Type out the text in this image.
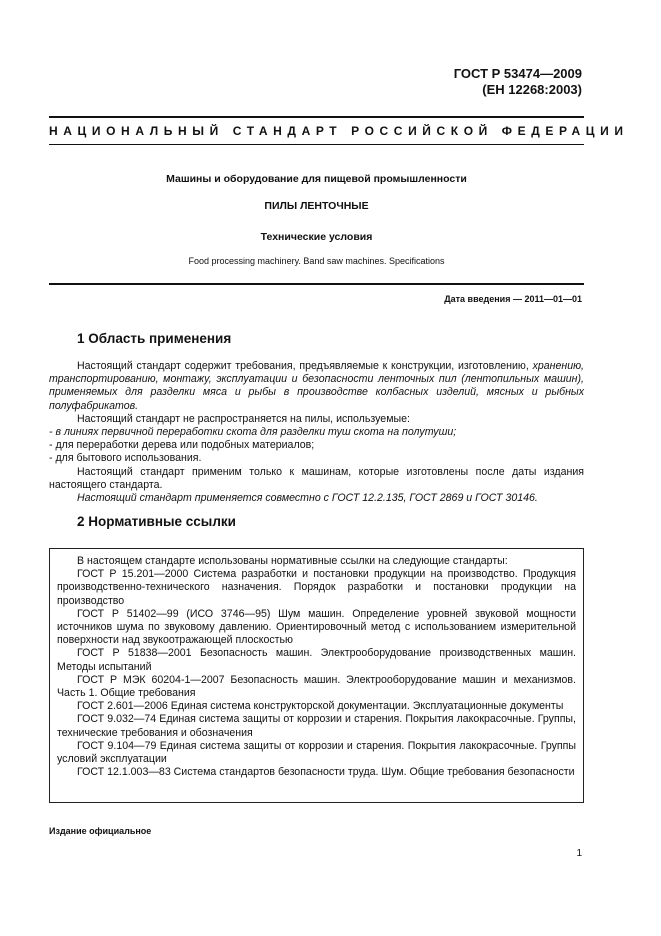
ГОСТ Р 53474—2009
(ЕН 12268:2003)
НАЦИОНАЛЬНЫЙ СТАНДАРТ РОССИЙСКОЙ ФЕДЕРАЦИИ
Машины и оборудование для пищевой промышленности
ПИЛЫ ЛЕНТОЧНЫЕ
Технические условия
Food processing machinery. Band saw machines. Specifications
Дата введения — 2011—01—01
1 Область применения

Настоящий стандарт содержит требования, предъявляемые к конструкции, изготовлению, хранению, транспортированию, монтажу, эксплуатации и безопасности ленточных пил (лентопильных машин), применяемых для разделки мяса и рыбы в производстве колбасных изделий, мясных и рыбных полуфабрикатов.

Настоящий стандарт не распространяется на пилы, используемые:

- в линиях первичной переработки скота для разделки туш скота на полутуши;

- для переработки дерева или подобных материалов;

- для бытового использования.

Настоящий стандарт применим только к машинам, которые изготовлены после даты издания настоящего стандарта.

Настоящий стандарт применяется совместно с ГОСТ 12.2.135, ГОСТ 2869 и ГОСТ 30146.

2 Нормативные ссылки

В настоящем стандарте использованы нормативные ссылки на следующие стандарты:

ГОСТ Р 15.201—2000 Система разработки и постановки продукции на производство. Продукция производственно-технического назначения. Порядок разработки и постановки продукции на производство

ГОСТ Р 51402—99 (ИСО 3746—95) Шум машин. Определение уровней звуковой мощности источников шума по звуковому давлению. Ориентировочный метод с использованием измерительной поверхности над звукоотражающей плоскостью

ГОСТ Р 51838—2001 Безопасность машин. Электрооборудование производственных машин. Методы испытаний

ГОСТ Р МЭК 60204-1—2007 Безопасность машин. Электрооборудование машин и механизмов. Часть 1. Общие требования

ГОСТ 2.601—2006 Единая система конструкторской документации. Эксплуатационные документы

ГОСТ 9.032—74 Единая система защиты от коррозии и старения. Покрытия лакокрасочные. Группы, технические требования и обозначения

ГОСТ 9.104—79 Единая система защиты от коррозии и старения. Покрытия лакокрасочные. Группы условий эксплуатации

ГОСТ 12.1.003—83 Система стандартов безопасности труда. Шум. Общие требования безопасности

Издание официальное
1
